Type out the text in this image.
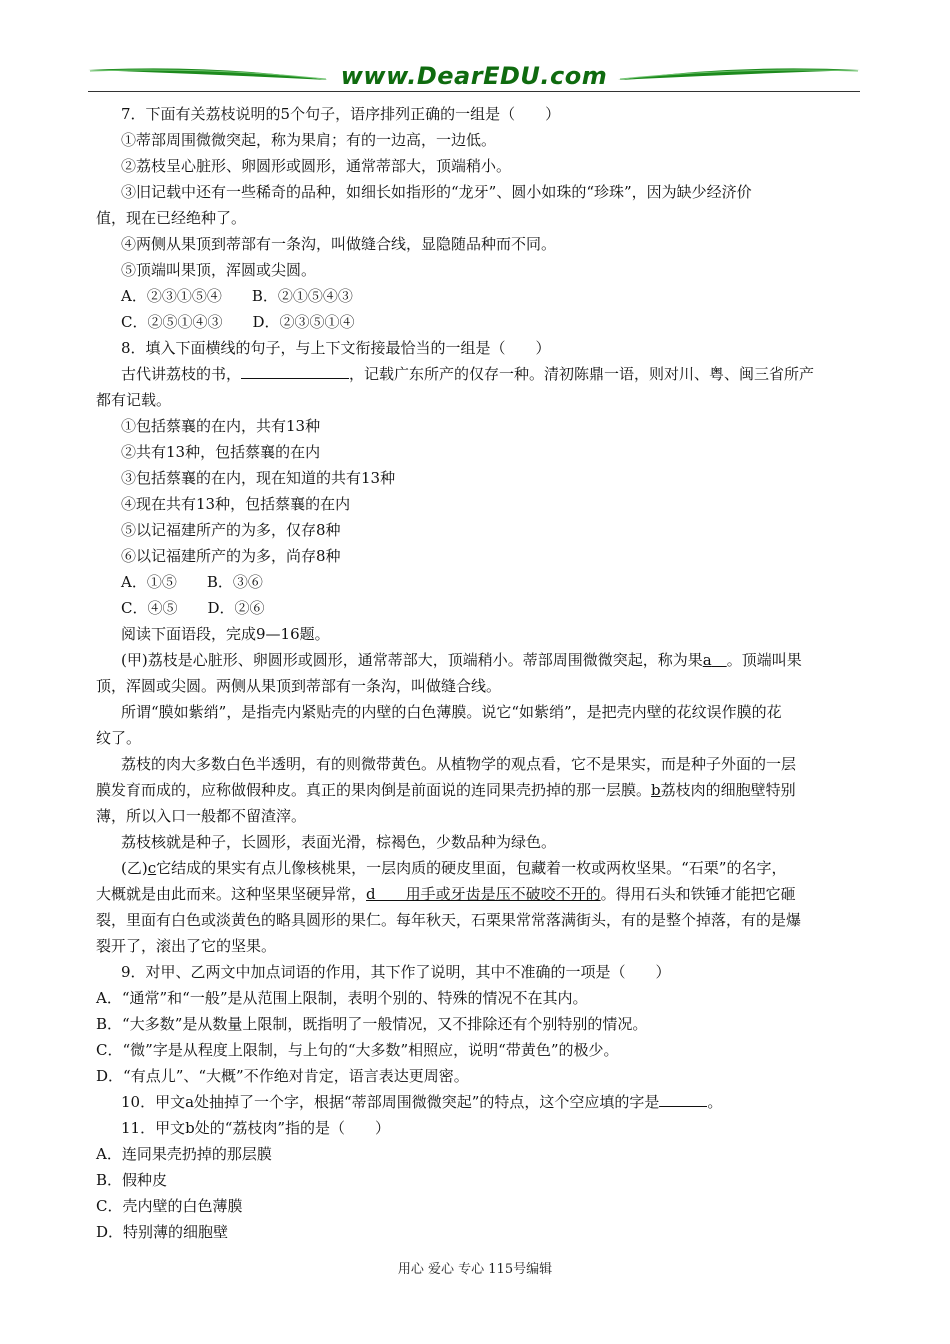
www.DearEDU.com
7．下面有关荔枝说明的5个句子，语序排列正确的一组是（　　）
①蒂部周围微微突起，称为果肩；有的一边高，一边低。
②荔枝呈心脏形、卵圆形或圆形，通常蒂部大，顶端稍小。
③旧记载中还有一些稀奇的品种，如细长如指形的“龙牙”、圆小如珠的“珍珠”，因为缺少经济价
值，现在已经绝种了。
④两侧从果顶到蒂部有一条沟，叫做缝合线，显隐随品种而不同。
⑤顶端叫果顶，浑圆或尖圆。
A．②③①⑤④　　B．②①⑤④③
C．②⑤①④③　　D．②③⑤①④
8．填入下面横线的句子，与上下文衔接最恰当的一组是（　　）
古代讲荔枝的书，	，记载广东所产的仅存一种。清初陈鼎一语，则对川、粤、闽三省所产
都有记载。
①包括蔡襄的在内，共有13种
②共有13种，包括蔡襄的在内
③包括蔡襄的在内，现在知道的共有13种
④现在共有13种，包括蔡襄的在内
⑤以记福建所产的为多，仅存8种
⑥以记福建所产的为多，尚存8种
A．①⑤　　B．③⑥
C．④⑤　　D．②⑥
阅读下面语段，完成9—16题。
(甲)荔枝是心脏形、卵圆形或圆形，通常蒂部大，顶端稍小。蒂部周围微微突起，称为果a　 。顶端叫果
顶，浑圆或尖圆。两侧从果顶到蒂部有一条沟，叫做缝合线。
所谓“膜如紫绡”，是指壳内紧贴壳的内壁的白色薄膜。说它“如紫绡”，是把壳内壁的花纹误作膜的花
纹了。
荔枝的肉大多数白色半透明，有的则微带黄色。从植物学的观点看，它不是果实，而是种子外面的一层
膜发育而成的，应称做假种皮。真正的果肉倒是前面说的连同果壳扔掉的那一层膜。b荔枝肉的细胞壁特别
薄，所以入口一般都不留渣滓。
荔枝核就是种子，长圆形，表面光滑，棕褐色，少数品种为绿色。
(乙)c它结成的果实有点儿像核桃果，一层肉质的硬皮里面，包藏着一枚或两枚坚果。“石栗”的名字，
大概就是由此而来。这种坚果坚硬异常，d　　用手或牙齿是压不破咬不开的。得用石头和铁锤才能把它砸
裂，里面有白色或淡黄色的略具圆形的果仁。每年秋天，石栗果常常落满街头，有的是整个掉落，有的是爆
裂开了，滚出了它的坚果。
9．对甲、乙两文中加点词语的作用，其下作了说明，其中不准确的一项是（　　）
A．“通常”和“一般”是从范围上限制，表明个别的、特殊的情况不在其内。
B．“大多数”是从数量上限制，既指明了一般情况，又不排除还有个别特别的情况。
C．“微”字是从程度上限制，与上句的“大多数”相照应，说明“带黄色”的极少。
D．“有点儿”、“大概”不作绝对肯定，语言表达更周密。
10．甲文a处抽掉了一个字，根据“蒂部周围微微突起”的特点，这个空应填的字是	。
11．甲文b处的“荔枝肉”指的是（　　）
A．连同果壳扔掉的那层膜
B．假种皮
C．壳内壁的白色薄膜
D．特别薄的细胞壁
用心 爱心 专心 115号编辑
